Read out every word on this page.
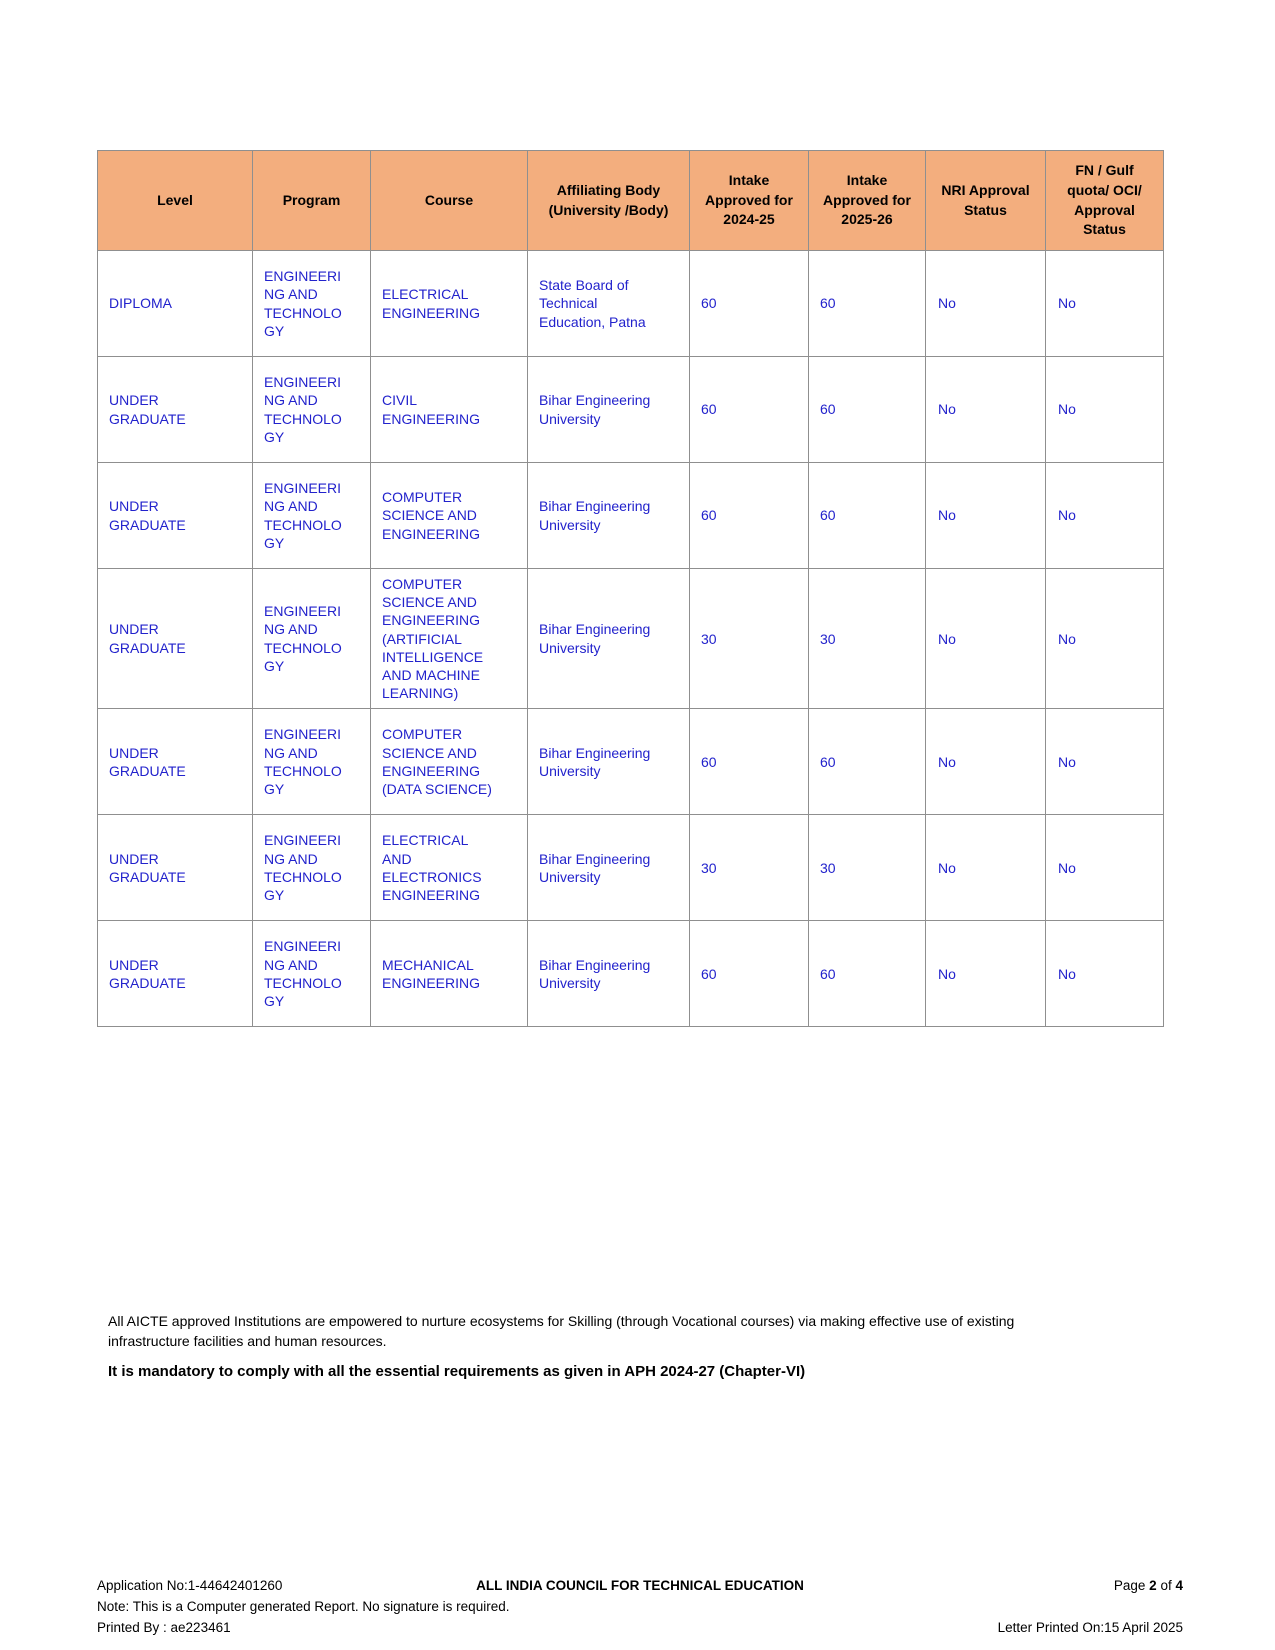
Level	Program	Course	Affiliating Body (University /Body)	Intake Approved for 2024-25	Intake Approved for 2025-26	NRI Approval Status	FN / Gulf quota/ OCI/ Approval Status
DIPLOMA	ENGINEERING AND TECHNOLOGY	ELECTRICAL ENGINEERING	State Board of Technical Education, Patna	60	60	No	No
UNDER GRADUATE	ENGINEERING AND TECHNOLOGY	CIVIL ENGINEERING	Bihar Engineering University	60	60	No	No
UNDER GRADUATE	ENGINEERING AND TECHNOLOGY	COMPUTER SCIENCE AND ENGINEERING	Bihar Engineering University	60	60	No	No
UNDER GRADUATE	ENGINEERING AND TECHNOLOGY	COMPUTER SCIENCE AND ENGINEERING (ARTIFICIAL INTELLIGENCE AND MACHINE LEARNING)	Bihar Engineering University	30	30	No	No
UNDER GRADUATE	ENGINEERING AND TECHNOLOGY	COMPUTER SCIENCE AND ENGINEERING (DATA SCIENCE)	Bihar Engineering University	60	60	No	No
UNDER GRADUATE	ENGINEERING AND TECHNOLOGY	ELECTRICAL AND ELECTRONICS ENGINEERING	Bihar Engineering University	30	30	No	No
UNDER GRADUATE	ENGINEERING AND TECHNOLOGY	MECHANICAL ENGINEERING	Bihar Engineering University	60	60	No	No
All AICTE approved Institutions are empowered to nurture ecosystems for Skilling (through Vocational courses) via making effective use of existing infrastructure facilities and human resources.
It is mandatory to comply with all the essential requirements as given in APH 2024-27 (Chapter-VI)
Application No:1-44642401260	ALL INDIA COUNCIL FOR TECHNICAL EDUCATION	Page 2 of 4
Note: This is a Computer generated Report. No signature is required.
Printed By : ae223461	Letter Printed On:15 April 2025
